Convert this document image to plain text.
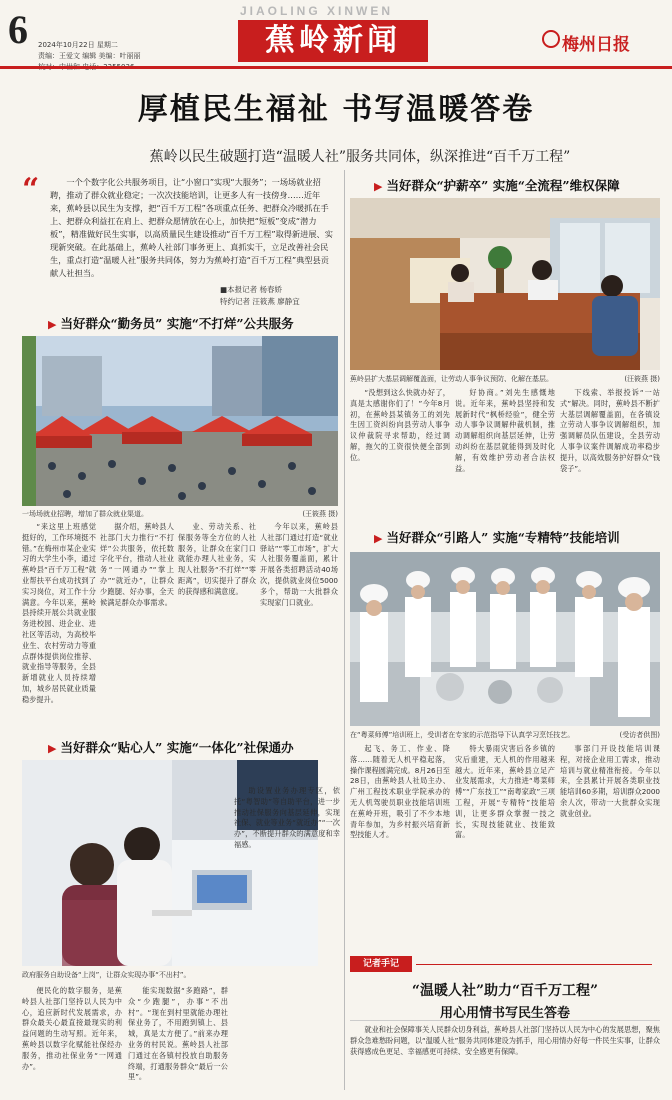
6 2024年10月22日 星期二
责编：王爱文 编辑 美编：叶丽丽
JIAOLING XINWEN
蕉岭新闻	梅州日报
厚植民生福祉 书写温暖答卷
蕉岭以民生破题打造“温暖人社”服务共同体，纵深推进“百千万工程”
“	一个个数字化公共服务项目，让“小窗口”实现“大服务”；一场场就业招聘，推动了群众就业稳定；一次次技能培训，让更多人有一技傍身……近年来，蕉岭县以民生为支撑，把“百千万工程”各项重点任务、把群众冷暖抓在手上、把群众利益扛在肩上、把群众愿情放在心上，加快把“短板”变成“潜力板”，精准做好民生实事，以高质量民生建设推动“百千万工程”取得新进展、实现新突破。在此基础上，蕉岭人社部门事务更上、真抓实干，立足改善社会民生，重点打造“温暖人社”服务共同体，努力为蕉岭打造“百千万工程”典型县贡献人社担当。
■本报记者 杨春娇
特约记者 汪筱燕 廖静宜
▶ 当好群众“勤务员” 实施“不打烊”公共服务
一场场就业招聘，增加了群众就业渠道。	(王筱燕 摄)
“来这里上班感觉挺好的，工作环境挺不错。”在梅州市某企业实习的大学生小李，通过蕉岭县“百千万工程”就业帮扶平台成功找到了实习岗位，对工作十分满意。今年以来，蕉岭县持续开展公共就业服务进校园、进企业、进社区等活动，为高校毕业生、农村劳动力等重点群体提供岗位推荐、就业指导等服务，全县新增就业人员持续增加，城乡居民就业质量稳步提升。
据介绍，蕉岭县人社部门大力推行“不打烊”公共服务，依托数字化平台，推动人社业务“一网通办”“掌上办”“就近办”，让群众少跑腿、好办事，全天候满足群众办事需求。
业、劳动关系、社保服务等全方位的人社服务，让群众在家门口就能办理人社业务，实现人社服务“不打烊”“零距离”，切实提升了群众的获得感和满意度。
今年以来，蕉岭县人社部门通过打造“就业驿站”“零工市场”，扩大人社服务覆盖面，累计开展各类招聘活动40场次，提供就业岗位5000多个，帮助一大批群众实现家门口就业。
▶ 当好群众“贴心人” 实施“一体化”社保通办
政府服务自助设备“上岗”，让群众实现办事“不出村”。
便民化的数字服务，是蕉岭县人社部门坚持以人民为中心，追应新时代发展需求，办群众最关心最直接最现实的利益问题的生动写照。近年来，蕉岭县以数字化赋能社保经办服务，推动社保业务“一网通办”。
能实现数据“多跑路”，群众“少跑腿”，办事“不出村”。“现在到村里就能办理社保业务了，不用跑到镇上、县城，真是太方便了。”前来办理业务的村民说。蕉岭县人社部门通过在各镇村投放自助服务终端，打通服务群众“最后一公里”。
助设置业务办理专区，依托“粤智助”等自助平台，进一步推动社保服务向基层延伸，实现社保、就业等业务“就近办”“一次办”，不断提升群众的满意度和幸福感。
▶ 当好群众“护薪卒” 实施“全流程”维权保障
蕉岭县扩大基层调解覆盖面，让劳动人事争议预防、化解在基层。	(汪筱燕 摄)
“没想到这么快就办好了，真是太感谢你们了！”今年8月初，在蕉岭县某镇务工的刘先生因工资纠纷向县劳动人事争议仲裁院寻求帮助，经过调解，拖欠的工资很快便全部到位。
好协商。”刘先生感慨地说。近年来，蕉岭县坚持和发展新时代“枫桥经验”，健全劳动人事争议调解仲裁机制，推动调解组织向基层延伸，让劳动纠纷在基层就能得到及时化解，有效维护劳动者合法权益。
下线索、举报投诉“一站式”解决。同时，蕉岭县不断扩大基层调解覆盖面，在各镇设立劳动人事争议调解组织，加强调解员队伍建设，全县劳动人事争议案件调解成功率稳步提升，以高效服务护好群众“钱袋子”。
▶ 当好群众“引路人” 实施“专精特”技能培训
在“粤菜师傅”培训班上，受训者在专家的示范指导下认真学习烹饪技艺。	(受访者供图)
起飞、务工、作业、降落……随着无人机平稳起落，操作课程圆满完成。8月26日至28日，由蕉岭县人社局主办、广州工程技术职业学院承办的无人机驾驶员职业技能培训班在蕉岭开班，吸引了不少本地青年参加，为乡村振兴培育新型技能人才。
特大暴雨灾害后各乡镇的灾后重建，无人机的作用越来越大。近年来，蕉岭县立足产业发展需求，大力推进“粤菜师傅”“广东技工”“南粤家政”三项工程，开展“专精特”技能培训，让更多群众掌握一技之长，实现技能就业、技能致富。
事部门开设技能培训课程，对接企业用工需求，推动培训与就业精准衔接。今年以来，全县累计开展各类职业技能培训60多期，培训群众2000余人次，带动一大批群众实现就业创业。
记者手记
“温暖人社”助力“百千万工程”
用心用情书写民生答卷
就业和社会保障事关人民群众切身利益，蕉岭县人社部门坚持以人民为中心的发展思想，聚焦群众急难愁盼问题，以“温暖人社”服务共同体建设为抓手，用心用情办好每一件民生实事，让群众获得感成色更足、幸福感更可持续、安全感更有保障。
